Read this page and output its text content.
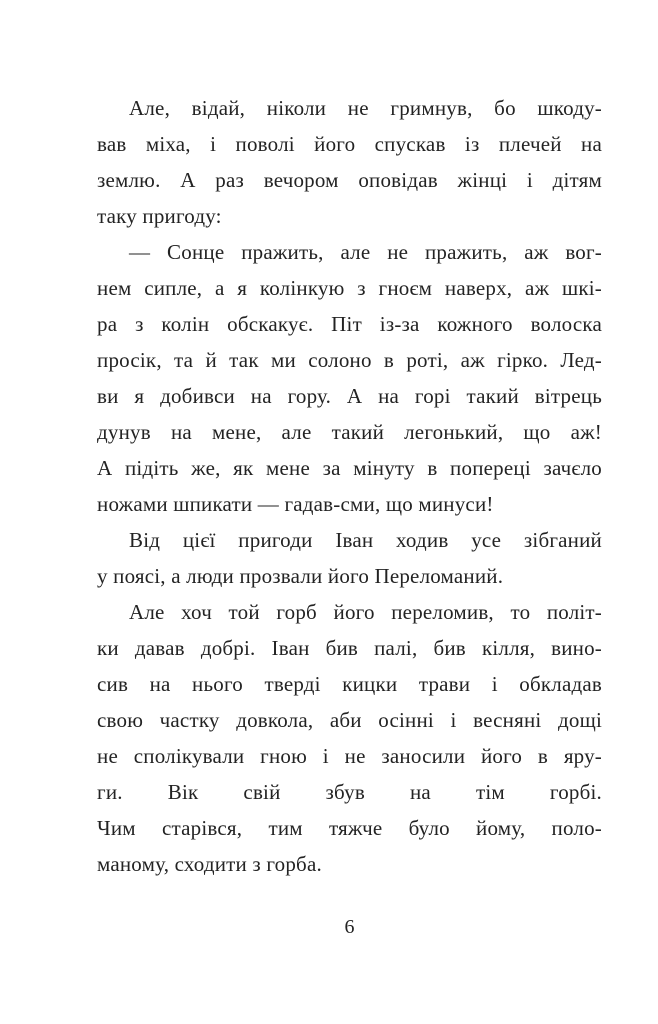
Але, відай, ніколи не гримнув, бо шкоду-
вав міха, і поволі його спускав із плечей на
землю. А раз вечором оповідав жінці і дітям
таку пригоду:
— Сонце пражить, але не пражить, аж вог-
нем сипле, а я колінкую з гноєм наверх, аж шкі-
ра з колін обскакує. Піт із-за кожного волоска
просік, та й так ми солоно в роті, аж гірко. Лед-
ви я добивси на гору. А на горі такий вітрець
дунув на мене, але такий легонький, що аж!
А підіть же, як мене за мінуту в попереці зачєло
ножами шпикати — гадав-сми, що минуси!
Від цієї пригоди Іван ходив усе зібганий
у поясі, а люди прозвали його Переломаний.
Але хоч той горб його переломив, то політ-
ки давав добрі. Іван бив палі, бив кілля, вино-
сив на нього тверді кицки трави і обкладав
свою частку довкола, аби осінні і весняні дощі
не сполікували гною і не заносили його в яру-
ги. Вік свій збув на тім горбі.
Чим старівся, тим тяжче було йому, поло-
маному, сходити з горба.
6
